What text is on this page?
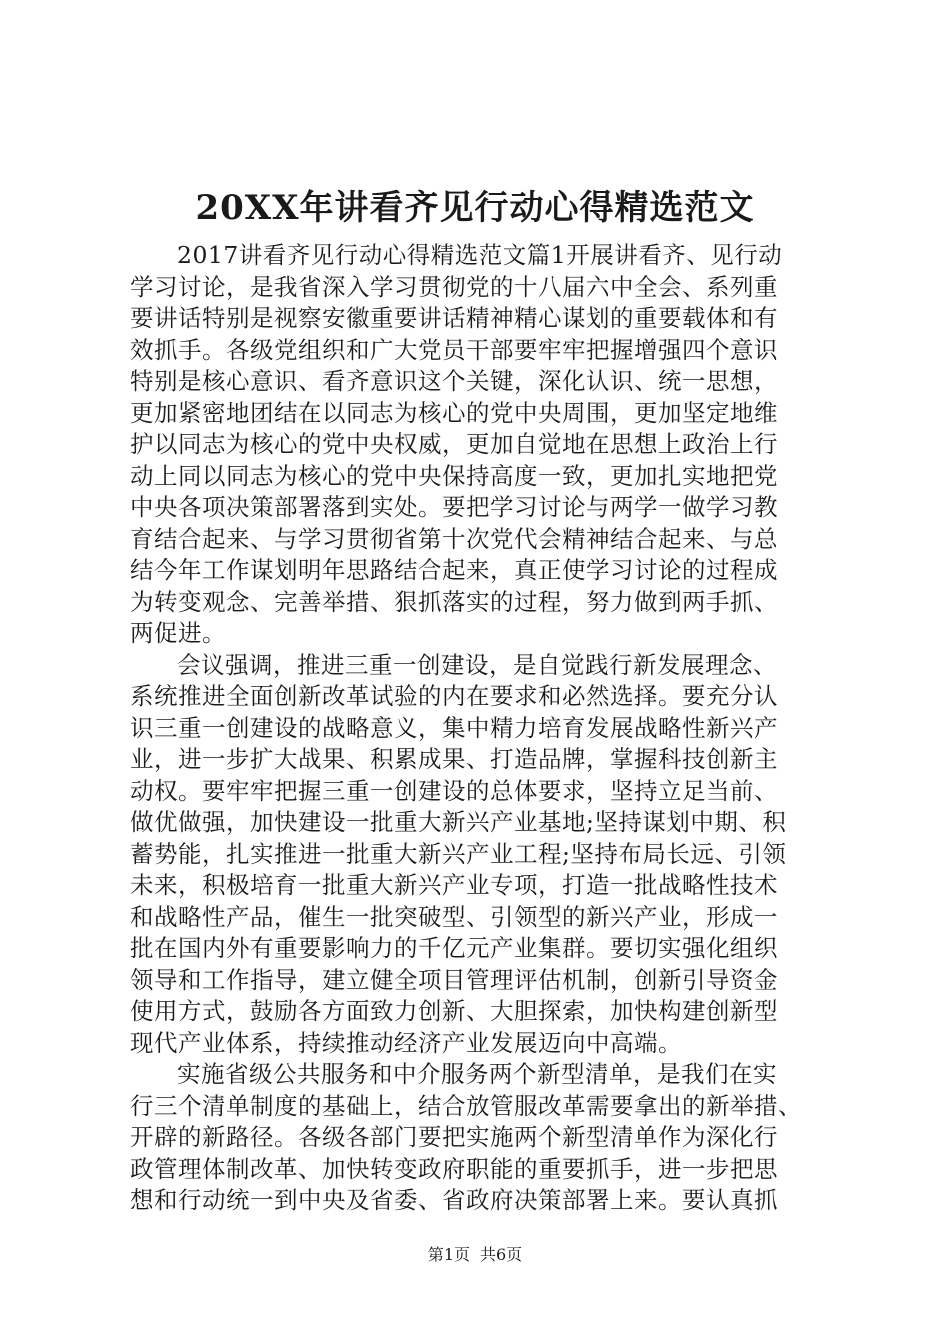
20XX年讲看齐见行动心得精选范文
2017讲看齐见行动心得精选范文篇1开展讲看齐、见行动
学习讨论，是我省深入学习贯彻党的十八届六中全会、系列重
要讲话特别是视察安徽重要讲话精神精心谋划的重要载体和有
效抓手。各级党组织和广大党员干部要牢牢把握增强四个意识
特别是核心意识、看齐意识这个关键，深化认识、统一思想，
更加紧密地团结在以同志为核心的党中央周围，更加坚定地维
护以同志为核心的党中央权威，更加自觉地在思想上政治上行
动上同以同志为核心的党中央保持高度一致，更加扎实地把党
中央各项决策部署落到实处。要把学习讨论与两学一做学习教
育结合起来、与学习贯彻省第十次党代会精神结合起来、与总
结今年工作谋划明年思路结合起来，真正使学习讨论的过程成
为转变观念、完善举措、狠抓落实的过程，努力做到两手抓、
两促进。
会议强调，推进三重一创建设，是自觉践行新发展理念、
系统推进全面创新改革试验的内在要求和必然选择。要充分认
识三重一创建设的战略意义，集中精力培育发展战略性新兴产
业，进一步扩大战果、积累成果、打造品牌，掌握科技创新主
动权。要牢牢把握三重一创建设的总体要求，坚持立足当前、
做优做强，加快建设一批重大新兴产业基地;坚持谋划中期、积
蓄势能，扎实推进一批重大新兴产业工程;坚持布局长远、引领
未来，积极培育一批重大新兴产业专项，打造一批战略性技术
和战略性产品，催生一批突破型、引领型的新兴产业，形成一
批在国内外有重要影响力的千亿元产业集群。要切实强化组织
领导和工作指导，建立健全项目管理评估机制，创新引导资金
使用方式，鼓励各方面致力创新、大胆探索，加快构建创新型
现代产业体系，持续推动经济产业发展迈向中高端。
实施省级公共服务和中介服务两个新型清单，是我们在实
行三个清单制度的基础上，结合放管服改革需要拿出的新举措、
开辟的新路径。各级各部门要把实施两个新型清单作为深化行
政管理体制改革、加快转变政府职能的重要抓手，进一步把思
想和行动统一到中央及省委、省政府决策部署上来。要认真抓
第1页 共6页
